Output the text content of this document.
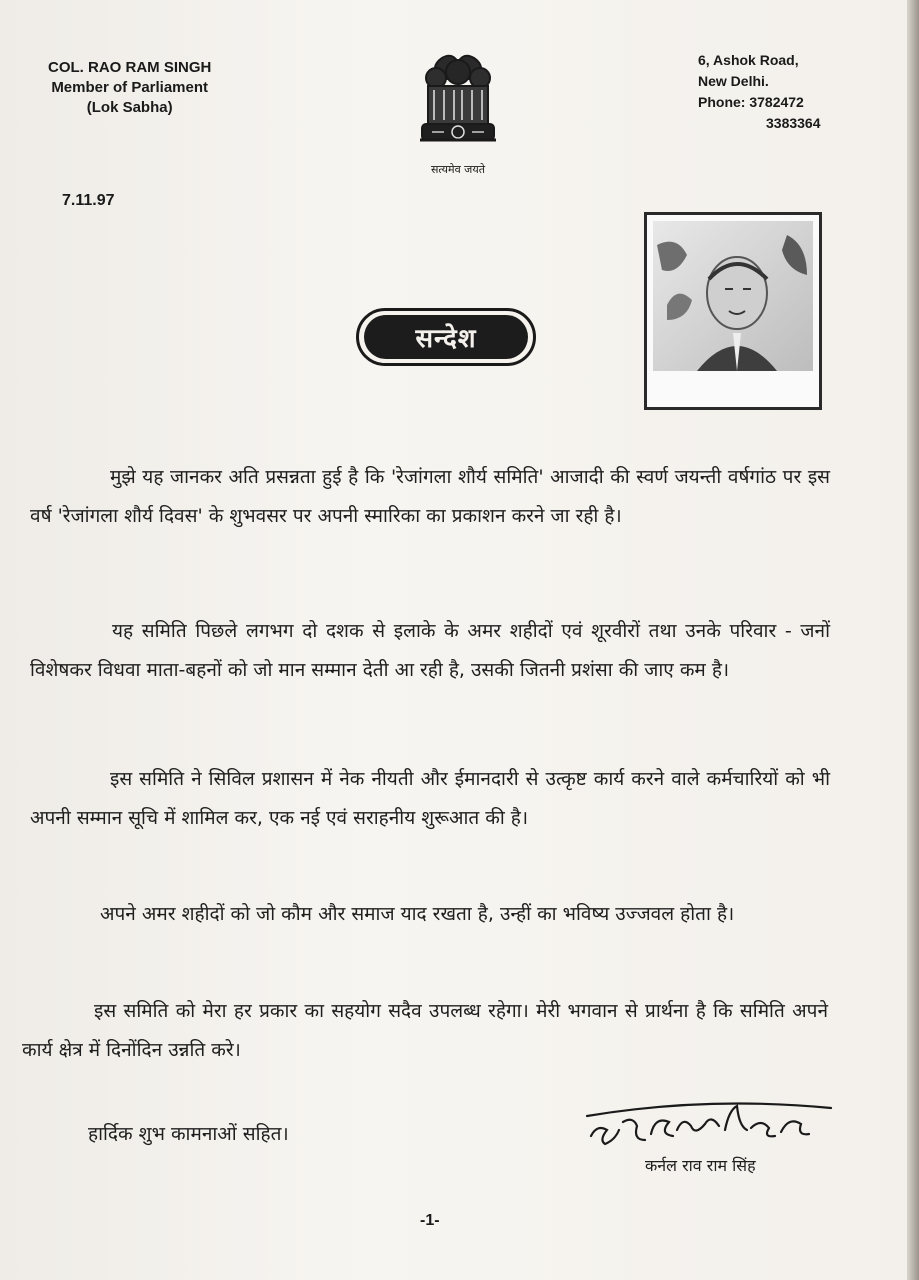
COL. RAO RAM SINGH
Member of Parliament
(Lok Sabha)
सत्यमेव जयते
6, Ashok Road,
New Delhi.
Phone: 3782472
3383364
7.11.97
सन्देश
मुझे यह जानकर अति प्रसन्नता हुई है कि 'रेजांगला शौर्य समिति' आजादी की स्वर्ण जयन्ती वर्षगांठ पर इस वर्ष 'रेजांगला शौर्य दिवस' के शुभवसर पर अपनी स्मारिका का प्रकाशन करने जा रही है।
यह समिति पिछले लगभग दो दशक से इलाके के अमर शहीदों एवं शूरवीरों तथा उनके परिवार - जनों विशेषकर विधवा माता-बहनों को जो मान सम्मान देती आ रही है, उसकी जितनी प्रशंसा की जाए कम है।
इस समिति ने सिविल प्रशासन में नेक नीयती और ईमानदारी से उत्कृष्ट कार्य करने वाले कर्मचारियों को भी अपनी सम्मान सूचि में शामिल कर, एक नई एवं सराहनीय शुरूआत की है।
अपने अमर शहीदों को जो कौम और समाज याद रखता है, उन्हीं का भविष्य उज्जवल होता है।
इस समिति को मेरा हर प्रकार का सहयोग सदैव उपलब्ध रहेगा। मेरी भगवान से प्रार्थना है कि समिति अपने कार्य क्षेत्र में दिनोंदिन उन्नति करे।
हार्दिक शुभ कामनाओं सहित।
कर्नल राव राम सिंह
-1-
